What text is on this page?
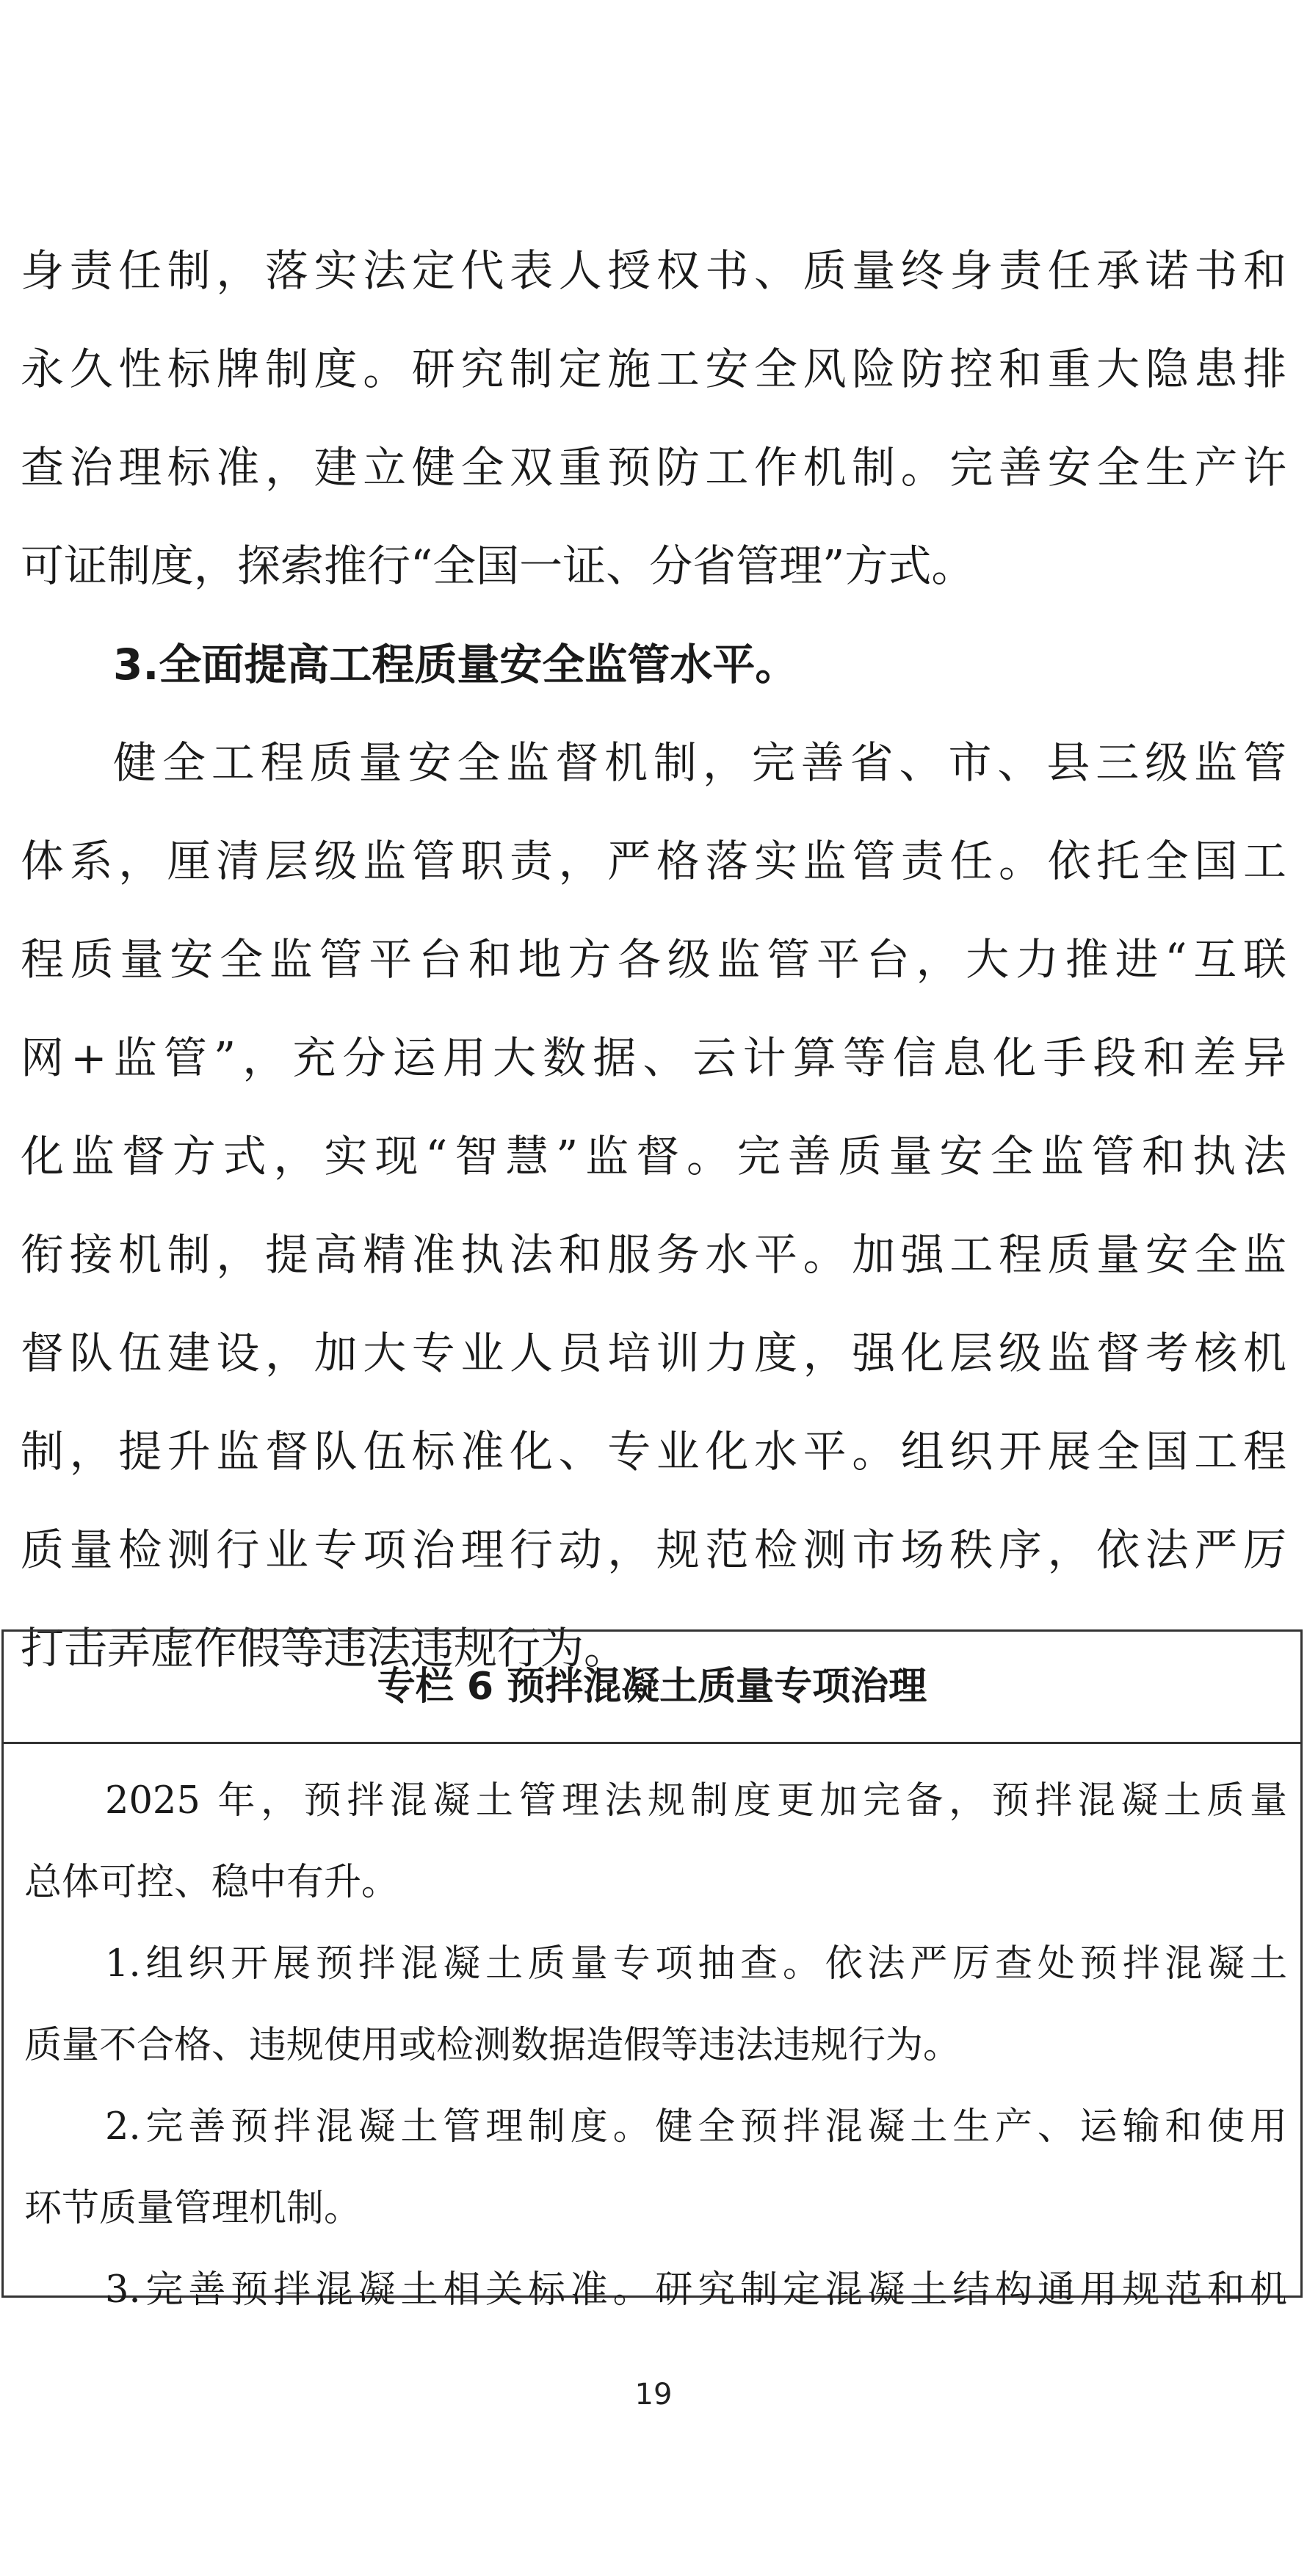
身责任制，落实法定代表人授权书、质量终身责任承诺书和
永久性标牌制度。研究制定施工安全风险防控和重大隐患排
查治理标准，建立健全双重预防工作机制。完善安全生产许
可证制度，探索推行“全国一证、分省管理”方式。
3.全面提高工程质量安全监管水平。
健全工程质量安全监督机制，完善省、市、县三级监管
体系，厘清层级监管职责，严格落实监管责任。依托全国工
程质量安全监管平台和地方各级监管平台，大力推进“互联
网+监管”，充分运用大数据、云计算等信息化手段和差异
化监督方式，实现“智慧”监督。完善质量安全监管和执法
衔接机制，提高精准执法和服务水平。加强工程质量安全监
督队伍建设，加大专业人员培训力度，强化层级监督考核机
制，提升监督队伍标准化、专业化水平。组织开展全国工程
质量检测行业专项治理行动，规范检测市场秩序，依法严厉
打击弄虚作假等违法违规行为。
专栏 6 预拌混凝土质量专项治理
2025 年，预拌混凝土管理法规制度更加完备，预拌混凝土质量
总体可控、稳中有升。
1.组织开展预拌混凝土质量专项抽查。依法严厉查处预拌混凝土
质量不合格、违规使用或检测数据造假等违法违规行为。
2.完善预拌混凝土管理制度。健全预拌混凝土生产、运输和使用
环节质量管理机制。
3.完善预拌混凝土相关标准。研究制定混凝土结构通用规范和机
19
